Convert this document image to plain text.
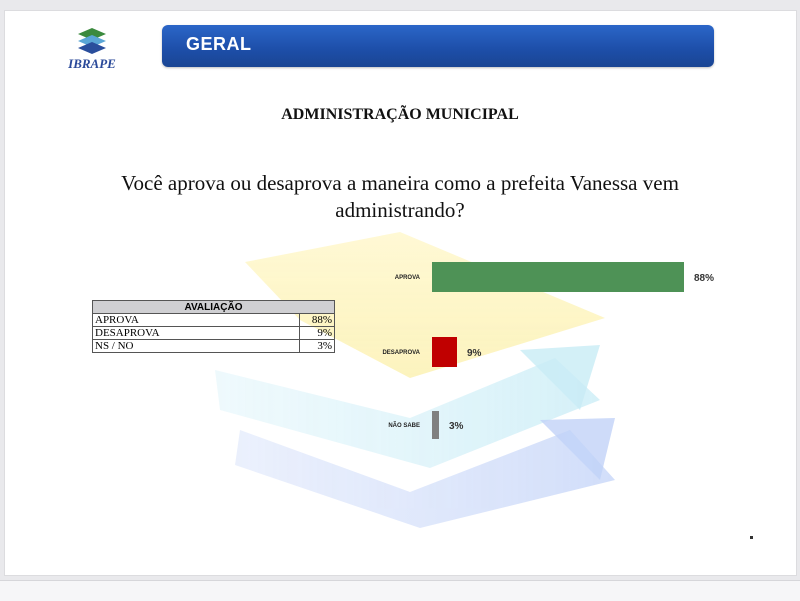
IBRAPE
GERAL
ADMINISTRAÇÃO MUNICIPAL
Você aprova ou desaprova a maneira como a prefeita Vanessa vem administrando?
APROVA	88%
DESAPROVA	9%
NÃO SABE	3%
AVALIAÇÃO	
APROVA	88%
DESAPROVA	9%
NS / NO	3%
